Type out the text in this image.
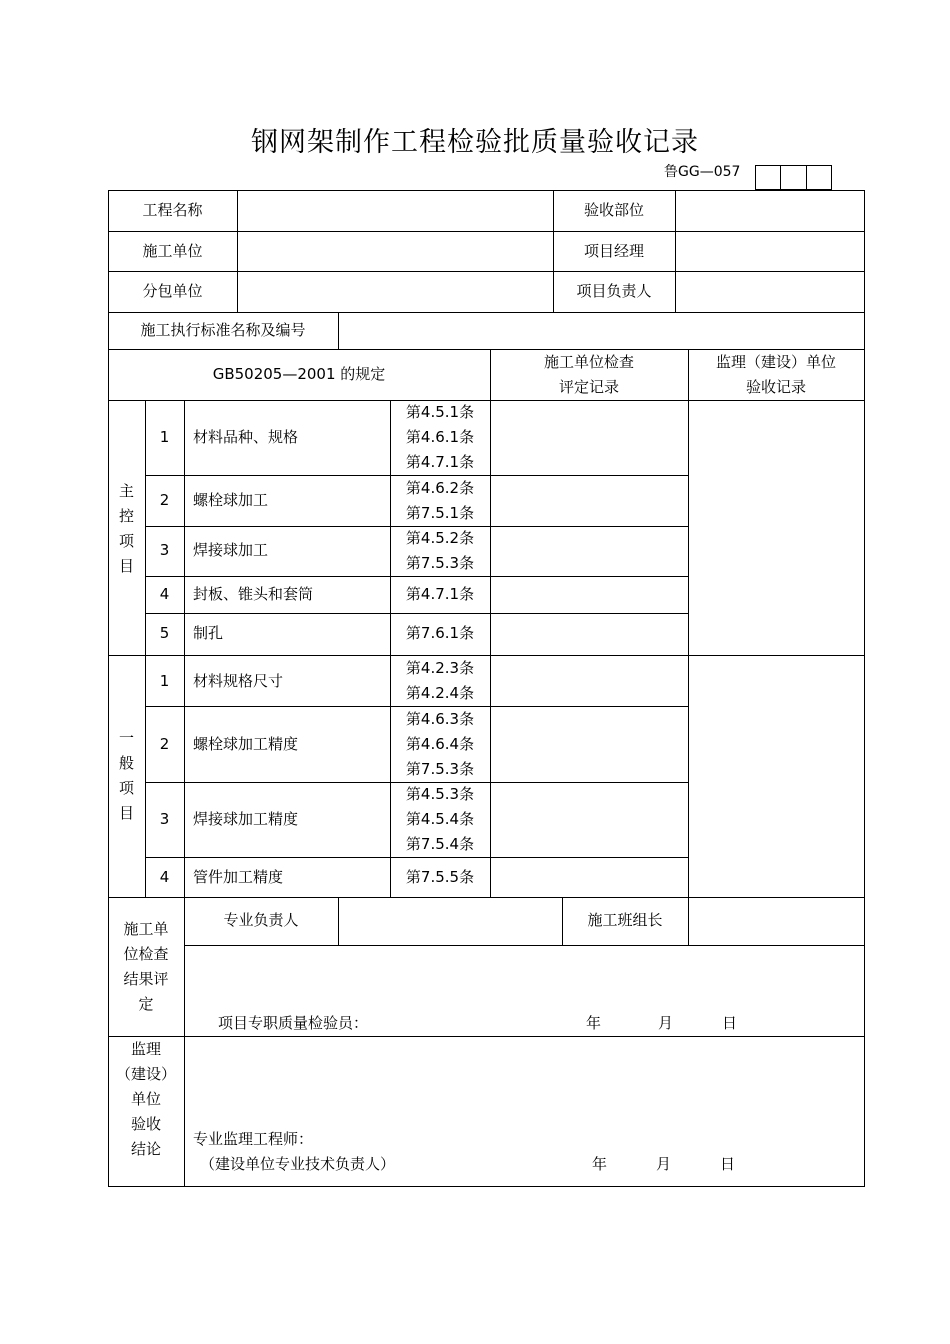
钢网架制作工程检验批质量验收记录
鲁GG—057
工程名称	验收部位
施工单位	项目经理
分包单位	项目负责人
施工执行标准名称及编号
GB50205—2001 的规定
施工单位检查
评定记录
监理（建设）单位
验收记录
主
控
项
目
1	材料品种、规格
第4.5.1条
第4.6.1条
第4.7.1条
2	螺栓球加工
第4.6.2条
第7.5.1条
3	焊接球加工
第4.5.2条
第7.5.3条
4	封板、锥头和套筒	第4.7.1条
5	制孔	第7.6.1条
一
般
项
目
1	材料规格尺寸
第4.2.3条
第4.2.4条
2	螺栓球加工精度
第4.6.3条
第4.6.4条
第7.5.3条
3	焊接球加工精度
第4.5.3条
第4.5.4条
第7.5.4条
4	管件加工精度	第7.5.5条
施工单
位检查
结果评
定
专业负责人	施工班组长
项目专职质量检验员：	年	月	日
监理
（建设）
单位
验收
结论
专业监理工程师：
（建设单位专业技术负责人）	年	月	日
